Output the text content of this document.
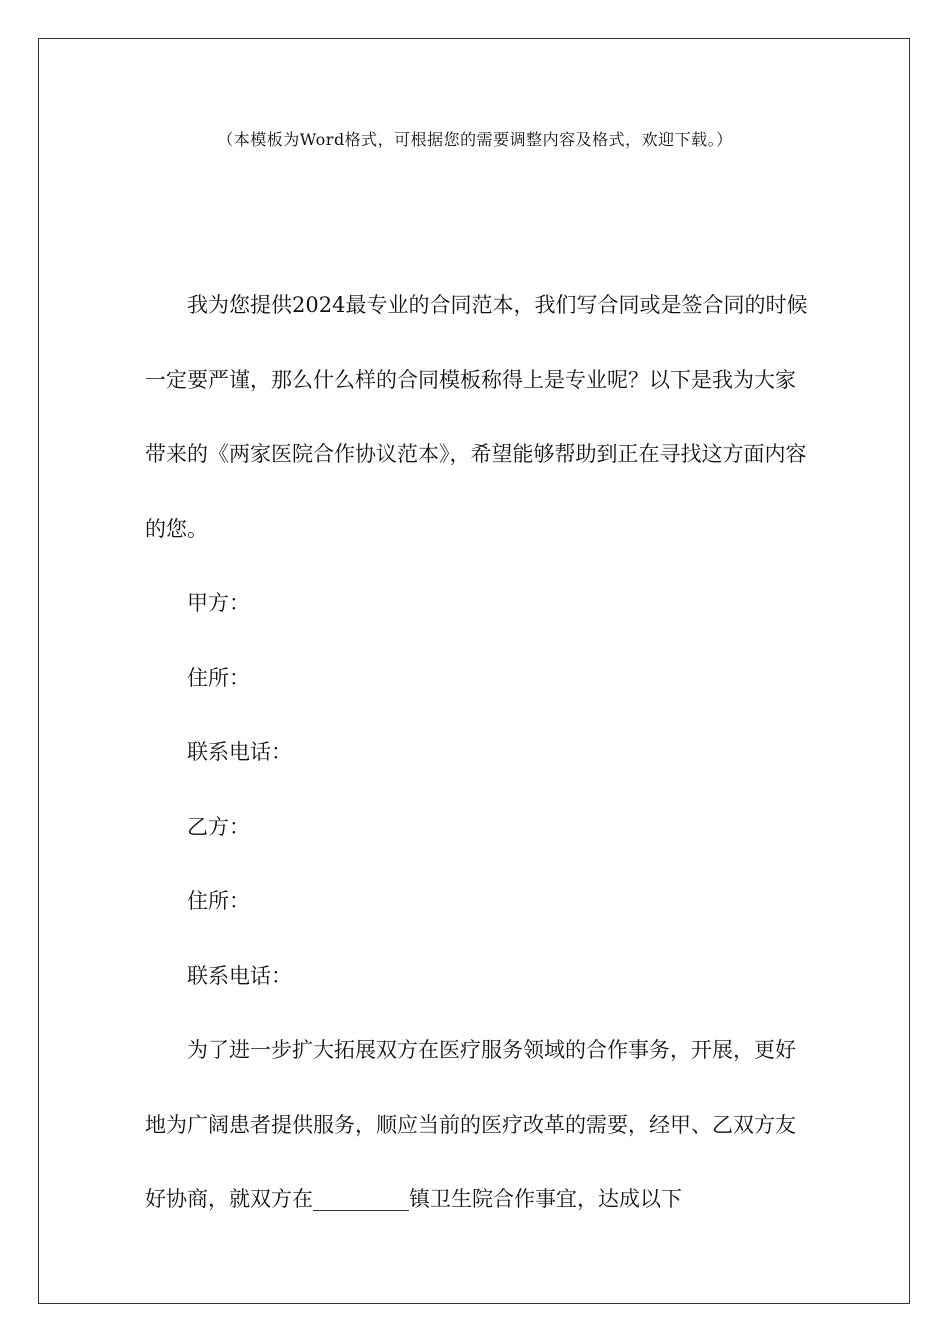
（本模板为Word格式，可根据您的需要调整内容及格式，欢迎下载。）

我为您提供2024最专业的合同范本，我们写合同或是签合同的时候一定要严谨，那么什么样的合同模板称得上是专业呢？以下是我为大家带来的《两家医院合作协议范本》，希望能够帮助到正在寻找这方面内容的您。

甲方：

住所：

联系电话：

乙方：

住所：

联系电话：

为了进一步扩大拓展双方在医疗服务领域的合作事务，开展，更好地为广阔患者提供服务，顺应当前的医疗改革的需要，经甲、乙双方友好协商，就双方在	镇卫生院合作事宜，达成以下
